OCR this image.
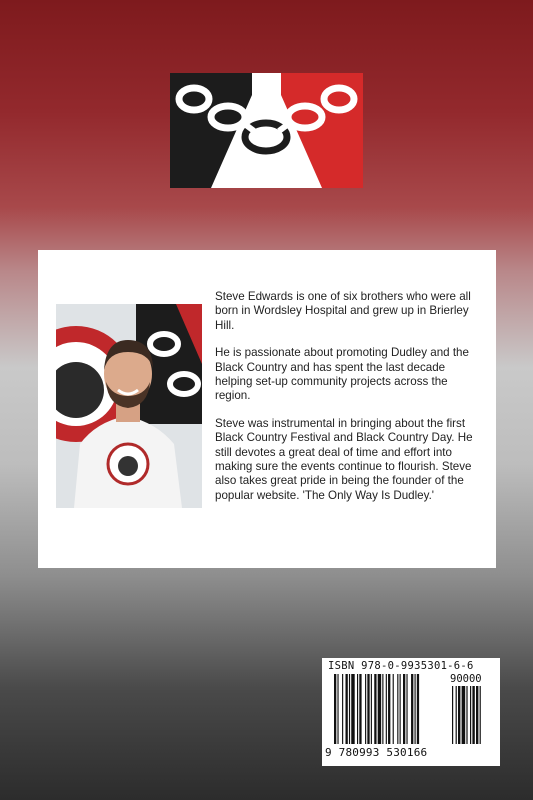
Steve Edwards is one of six brothers who were all born in Wordsley Hospital and grew up in Brierley Hill.

He is passionate about promoting Dudley and the Black Country and has spent the last decade helping set-up community projects across the region.

Steve was instrumental in bringing about the first Black Country Festival and Black Country Day. He still devotes a great deal of time and effort into making sure the events continue to flourish. Steve also takes great pride in being the founder of the popular website. 'The Only Way Is Dudley.'

ISBN 978-0-9935301-6-6
90000
9 780993 530166
